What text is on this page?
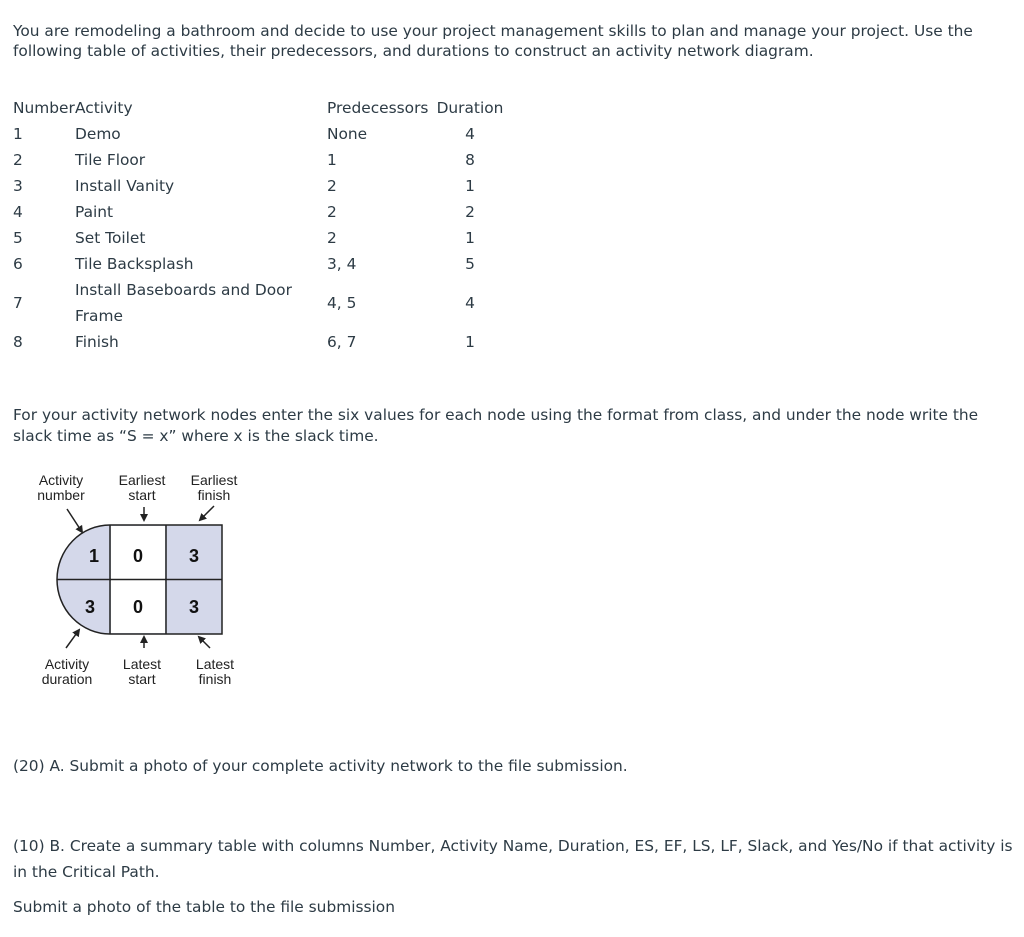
You are remodeling a bathroom and decide to use your project management skills to plan and manage your project. Use the following table of activities, their predecessors, and durations to construct an activity network diagram.

Number	Activity	Predecessors	Duration
1	Demo	None	4
2	Tile Floor	1	8
3	Install Vanity	2	1
4	Paint	2	2
5	Set Toilet	2	1
6	Tile Backsplash	3, 4	5
7	Install Baseboards and Door Frame	4, 5	4
8	Finish	6, 7	1

For your activity network nodes enter the six values for each node using the format from class, and under the node write the slack time as “S = x” where x is the slack time.

Activity number
Earliest start
Earliest finish
1 0	3
3 0	3
Activity duration
Latest start
Latest finish

(20) A. Submit a photo of your complete activity network to the file submission.

(10) B. Create a summary table with columns Number, Activity Name, Duration, ES, EF, LS, LF, Slack, and Yes/No if that activity is in the Critical Path.

Submit a photo of the table to the file submission
